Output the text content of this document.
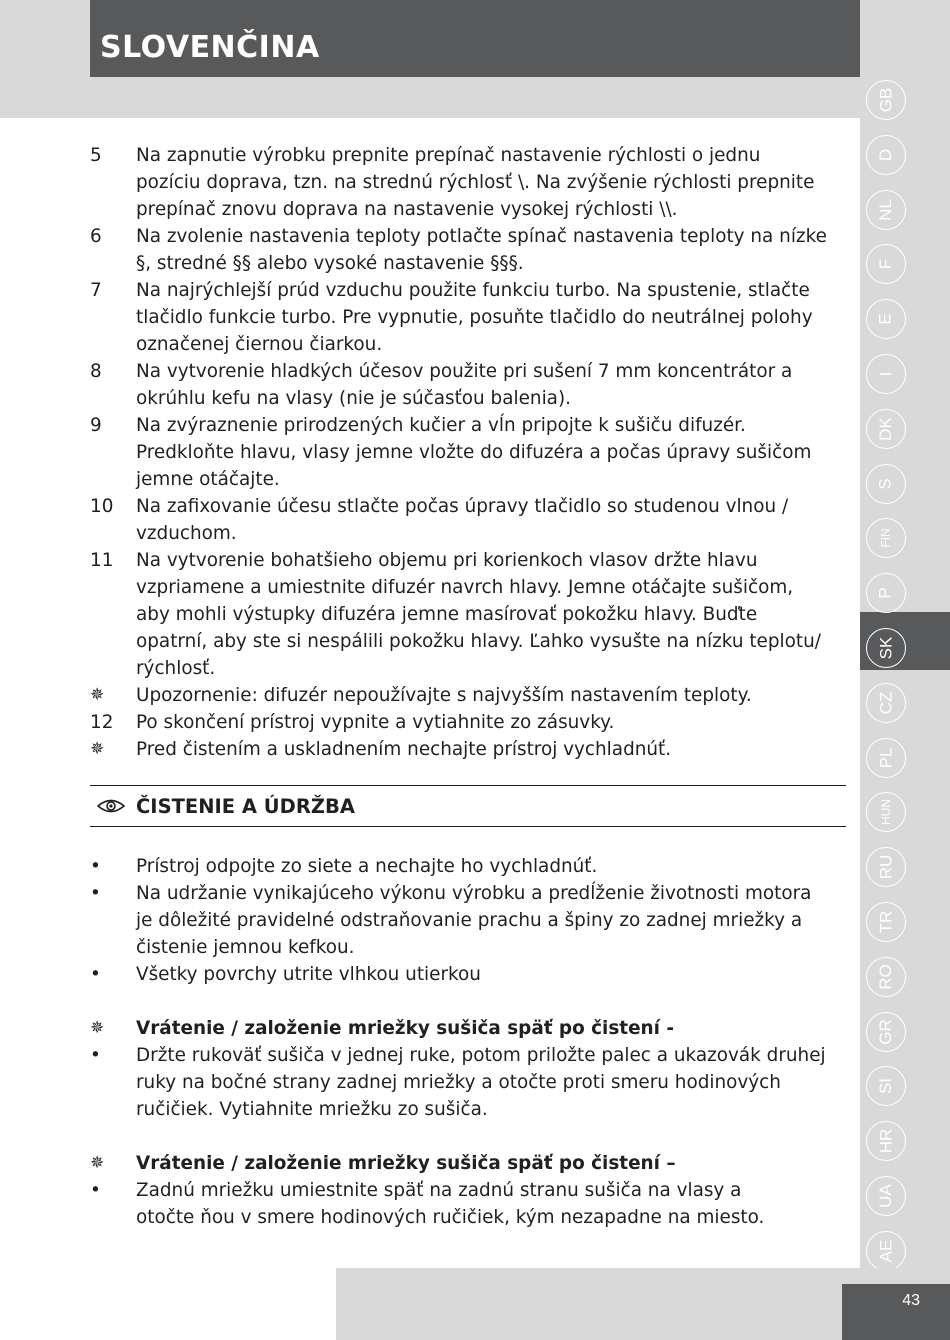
SLOVENČINA
GB
D
NL
F
E
I
DK
S
FIN
P
SK
CZ
PL
HUN
RU
TR
RO
GR
SI
HR
UA
AE
43
5	Na zapnutie výrobku prepnite prepínač nastavenie rýchlosti o jednu
pozíciu doprava, tzn. na strednú rýchlosť \. Na zvýšenie rýchlosti prepnite
prepínač znovu doprava na nastavenie vysokej rýchlosti \\.
6	Na zvolenie nastavenia teploty potlačte spínač nastavenia teploty na nízke
§, stredné §§ alebo vysoké nastavenie §§§.
7	Na najrýchlejší prúd vzduchu použite funkciu turbo. Na spustenie, stlačte
tlačidlo funkcie turbo. Pre vypnutie, posuňte tlačidlo do neutrálnej polohy
označenej čiernou čiarkou.
8	Na vytvorenie hladkých účesov použite pri sušení 7 mm koncentrátor a
okrúhlu kefu na vlasy (nie je súčasťou balenia).
9	Na zvýraznenie prirodzených kučier a vĺn pripojte k sušiču difuzér.
Predkloňte hlavu, vlasy jemne vložte do difuzéra a počas úpravy sušičom
jemne otáčajte.
10	Na zafixovanie účesu stlačte počas úpravy tlačidlo so studenou vlnou /
vzduchom.
11	Na vytvorenie bohatšieho objemu pri korienkoch vlasov držte hlavu
vzpriamene a umiestnite difuzér navrch hlavy. Jemne otáčajte sušičom,
aby mohli výstupky difuzéra jemne masírovať pokožku hlavy. Buďte
opatrní, aby ste si nespálili pokožku hlavy. Ľahko vysušte na nízku teplotu/
rýchlosť.
✵	Upozornenie: difuzér nepoužívajte s najvyšším nastavením teploty.
12	Po skončení prístroj vypnite a vytiahnite zo zásuvky.
✵	Pred čistením a uskladnením nechajte prístroj vychladnúť.
ČISTENIE A ÚDRŽBA
•	Prístroj odpojte zo siete a nechajte ho vychladnúť.
•	Na udržanie vynikajúceho výkonu výrobku a predĺženie životnosti motora
je dôležité pravidelné odstraňovanie prachu a špiny zo zadnej mriežky a
čistenie jemnou kefkou.
•	Všetky povrchy utrite vlhkou utierkou
✵	Vrátenie / založenie mriežky sušiča späť po čistení -
•	Držte rukoväť sušiča v jednej ruke, potom priložte palec a ukazovák druhej
ruky na bočné strany zadnej mriežky a otočte proti smeru hodinových
ručičiek. Vytiahnite mriežku zo sušiča.
✵	Vrátenie / založenie mriežky sušiča späť po čistení –
•	Zadnú mriežku umiestnite späť na zadnú stranu sušiča na vlasy a
otočte ňou v smere hodinových ručičiek, kým nezapadne na miesto.
